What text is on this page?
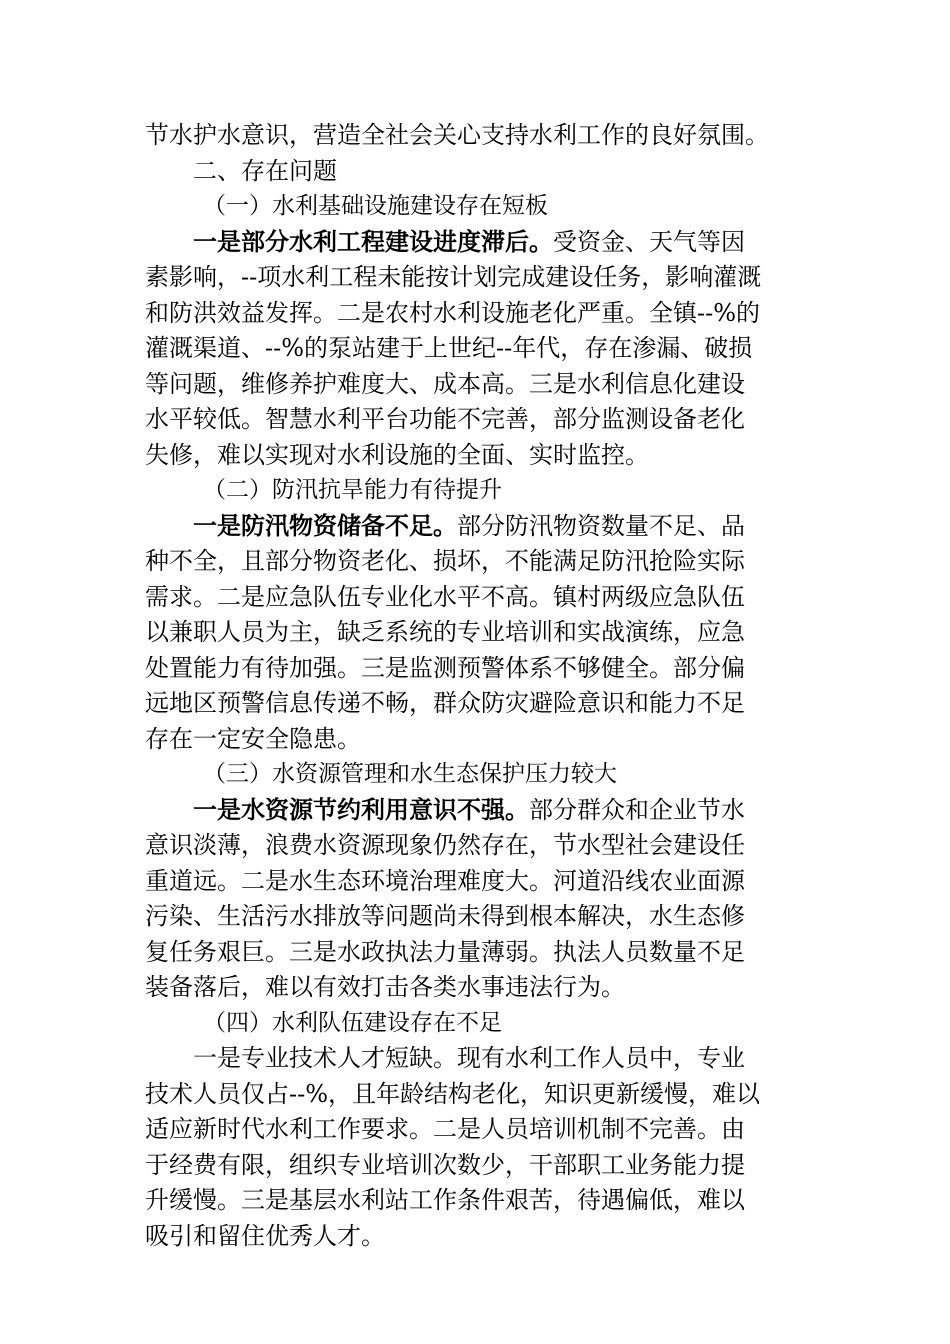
节水护水意识，营造全社会关心支持水利工作的良好氛围。
二、存在问题
（一）水利基础设施建设存在短板
一是部分水利工程建设进度滞后。受资金、天气等因
素影响，--项水利工程未能按计划完成建设任务，影响灌溉
和防洪效益发挥。二是农村水利设施老化严重。全镇--%的
灌溉渠道、--%的泵站建于上世纪--年代，存在渗漏、破损
等问题，维修养护难度大、成本高。三是水利信息化建设
水平较低。智慧水利平台功能不完善，部分监测设备老化
失修，难以实现对水利设施的全面、实时监控。
（二）防汛抗旱能力有待提升
一是防汛物资储备不足。部分防汛物资数量不足、品
种不全，且部分物资老化、损坏，不能满足防汛抢险实际
需求。二是应急队伍专业化水平不高。镇村两级应急队伍
以兼职人员为主，缺乏系统的专业培训和实战演练，应急
处置能力有待加强。三是监测预警体系不够健全。部分偏
远地区预警信息传递不畅，群众防灾避险意识和能力不足
存在一定安全隐患。
（三）水资源管理和水生态保护压力较大
一是水资源节约利用意识不强。部分群众和企业节水
意识淡薄，浪费水资源现象仍然存在，节水型社会建设任
重道远。二是水生态环境治理难度大。河道沿线农业面源
污染、生活污水排放等问题尚未得到根本解决，水生态修
复任务艰巨。三是水政执法力量薄弱。执法人员数量不足
装备落后，难以有效打击各类水事违法行为。
（四）水利队伍建设存在不足
一是专业技术人才短缺。现有水利工作人员中，专业
技术人员仅占--%，且年龄结构老化，知识更新缓慢，难以
适应新时代水利工作要求。二是人员培训机制不完善。由
于经费有限，组织专业培训次数少，干部职工业务能力提
升缓慢。三是基层水利站工作条件艰苦，待遇偏低，难以
吸引和留住优秀人才。
